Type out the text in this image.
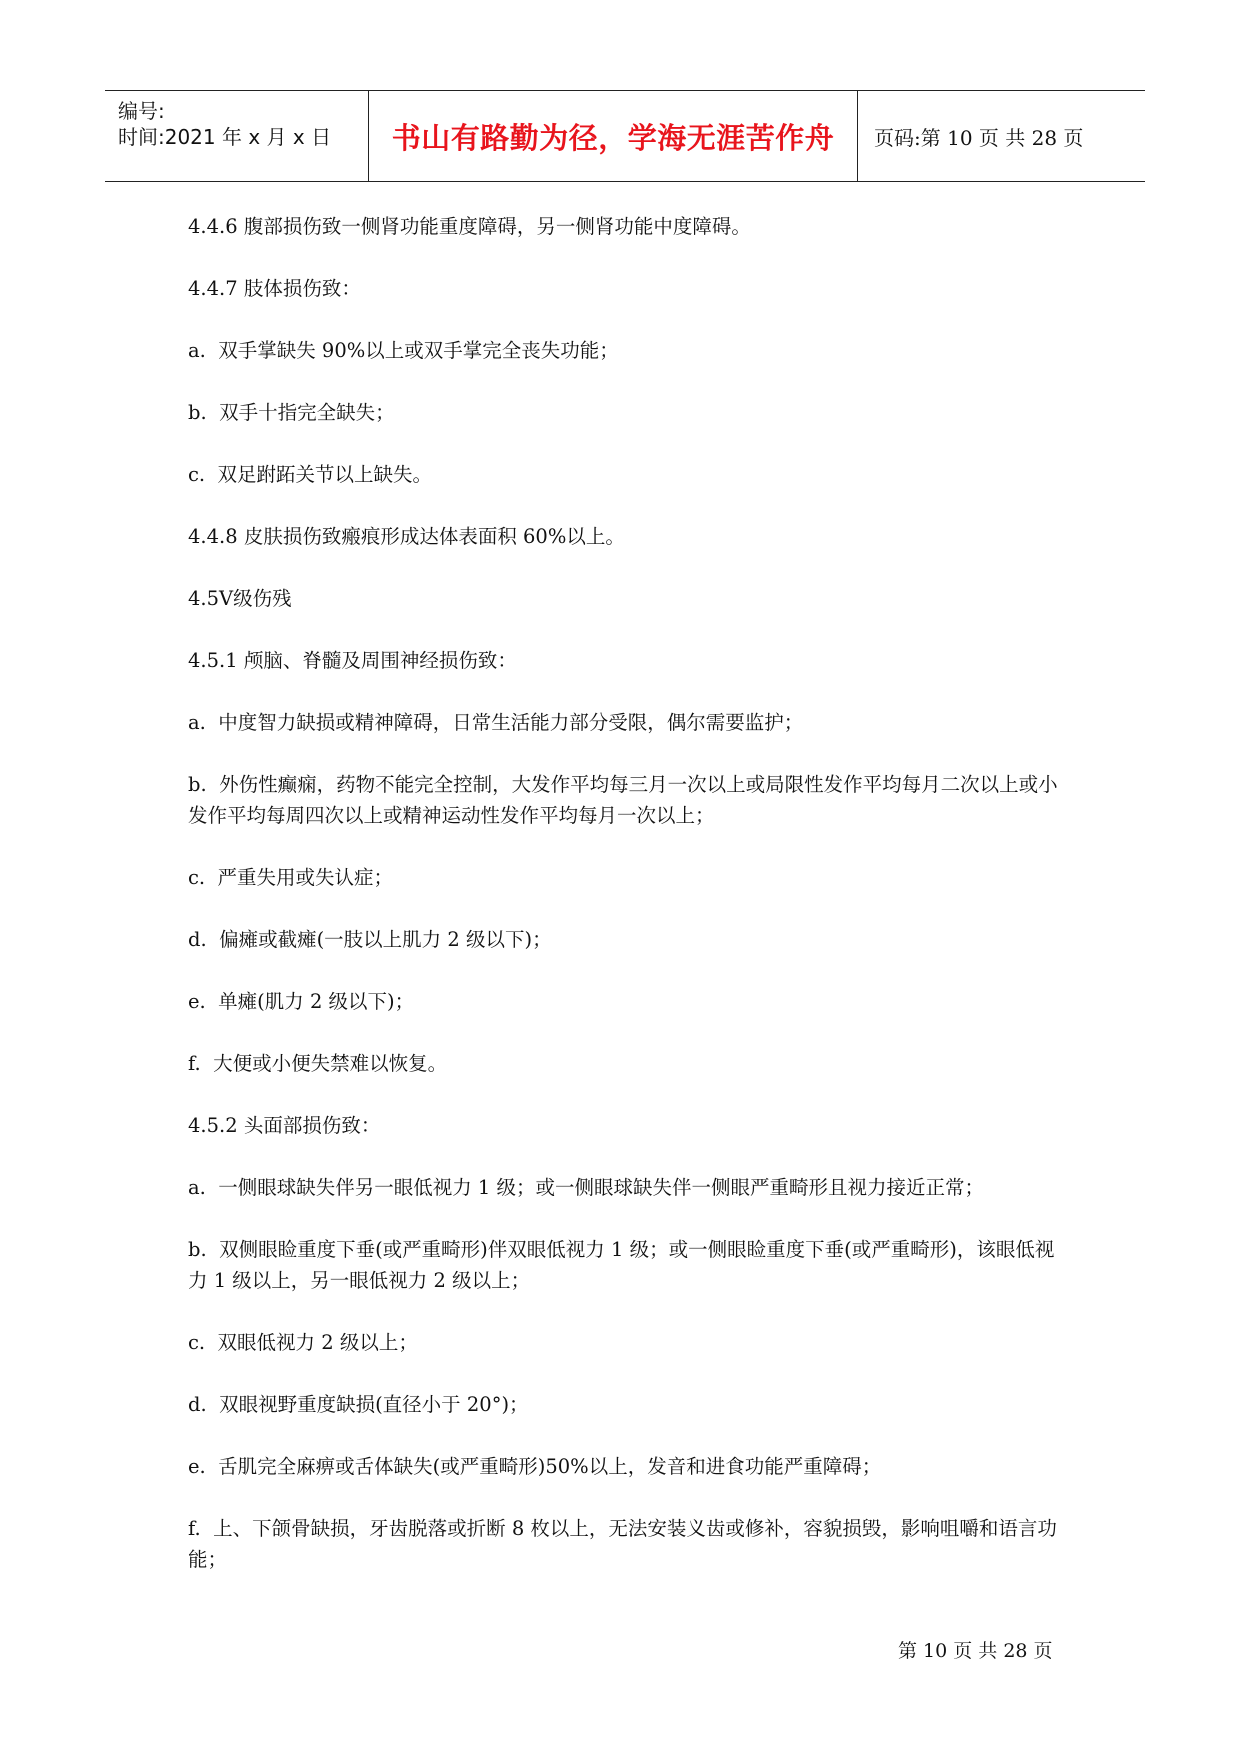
编号:
时间:2021 年 x 月 x 日 书山有路勤为径，学海无涯苦作舟 页码:第 10 页 共 28 页
4.4.6 腹部损伤致一侧肾功能重度障碍，另一侧肾功能中度障碍。
4.4.7 肢体损伤致：
a.  双手掌缺失 90%以上或双手掌完全丧失功能；
b.  双手十指完全缺失；
c.  双足跗跖关节以上缺失。
4.4.8 皮肤损伤致瘢痕形成达体表面积 60%以上。
4.5Ⅴ级伤残
4.5.1 颅脑、脊髓及周围神经损伤致：
a.  中度智力缺损或精神障碍，日常生活能力部分受限，偶尔需要监护；
b.  外伤性癫痫，药物不能完全控制，大发作平均每三月一次以上或局限性发作平均每月二次以上或小发作平均每周四次以上或精神运动性发作平均每月一次以上；
c.  严重失用或失认症；
d.  偏瘫或截瘫(一肢以上肌力 2 级以下)；
e.  单瘫(肌力 2 级以下)；
f.  大便或小便失禁难以恢复。
4.5.2 头面部损伤致：
a.  一侧眼球缺失伴另一眼低视力 1 级；或一侧眼球缺失伴一侧眼严重畸形且视力接近正常；
b.  双侧眼睑重度下垂(或严重畸形)伴双眼低视力 1 级；或一侧眼睑重度下垂(或严重畸形)，该眼低视力 1 级以上，另一眼低视力 2 级以上；
c.  双眼低视力 2 级以上；
d.  双眼视野重度缺损(直径小于 20°)；
e.  舌肌完全麻痹或舌体缺失(或严重畸形)50%以上，发音和进食功能严重障碍；
f.  上、下颌骨缺损，牙齿脱落或折断 8 枚以上，无法安装义齿或修补，容貌损毁，影响咀嚼和语言功能；
第 10 页 共 28 页
